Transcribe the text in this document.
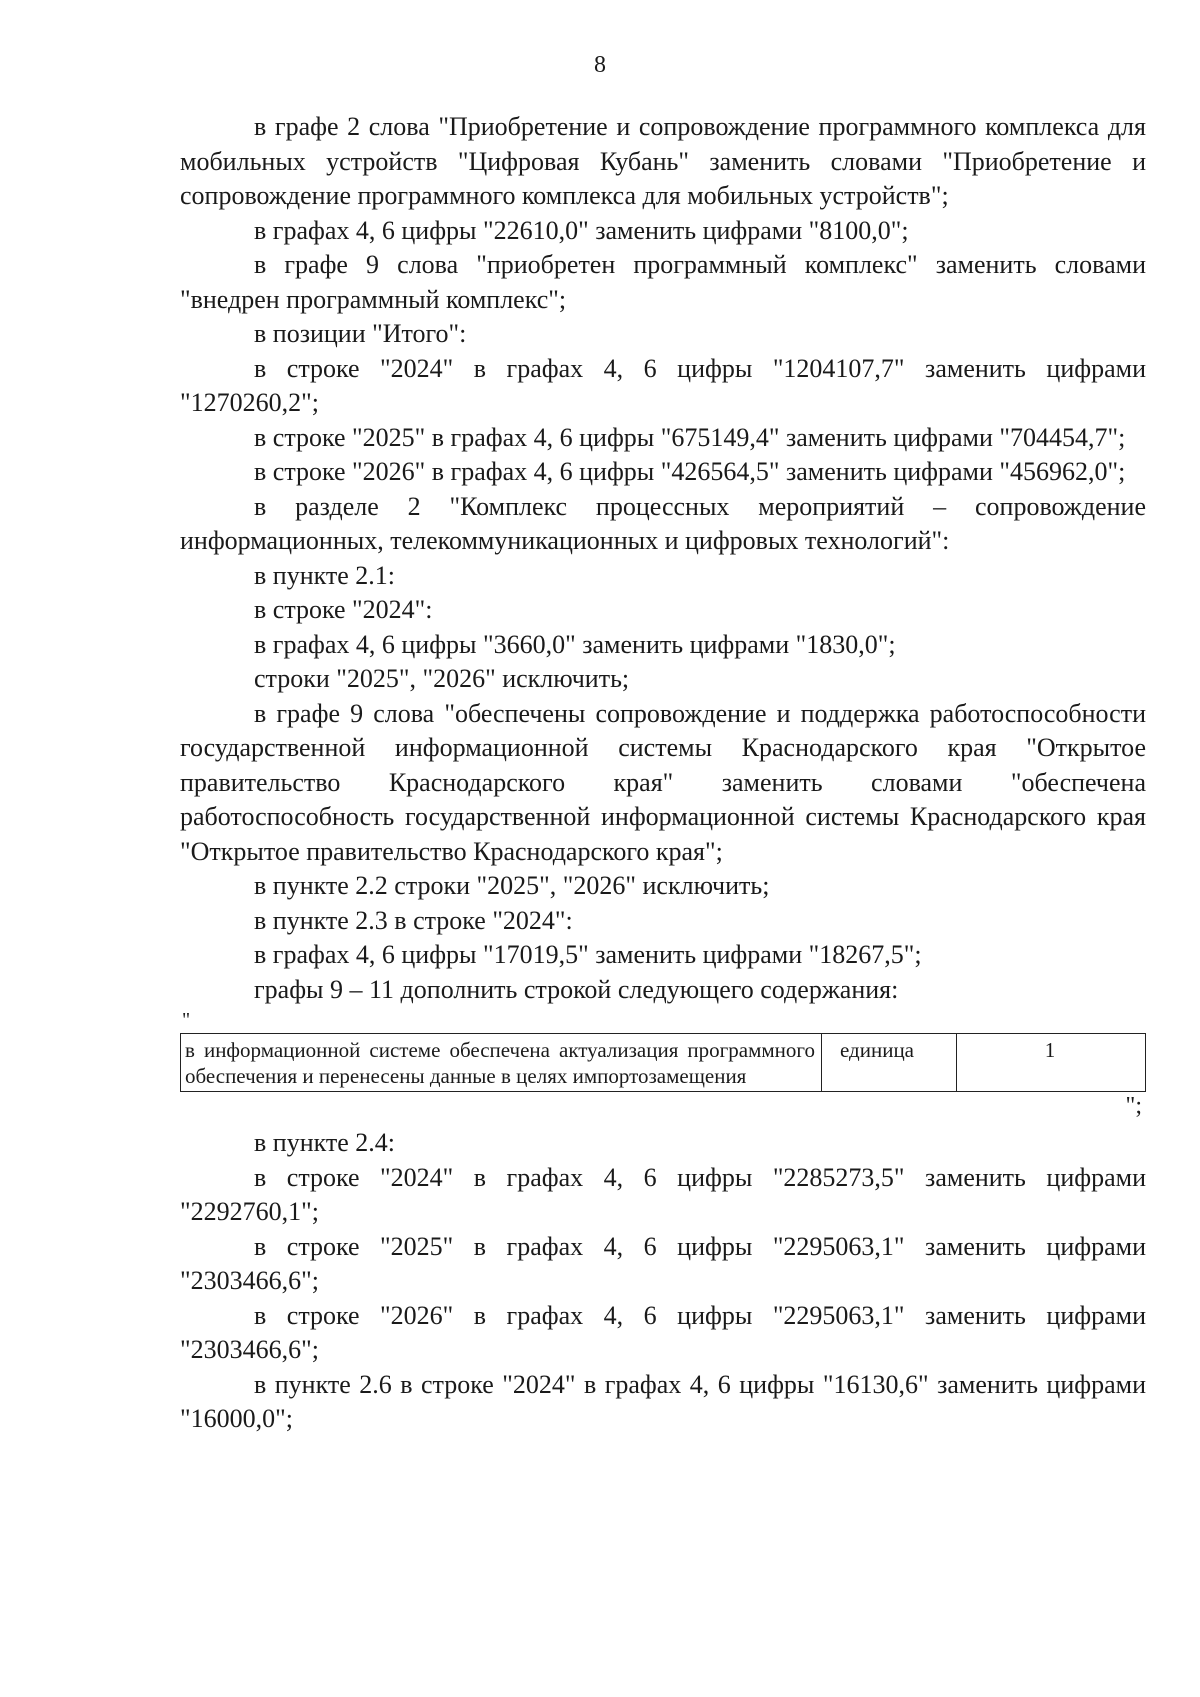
8

в графе 2 слова "Приобретение и сопровождение программного комплекса для мобильных устройств "Цифровая Кубань" заменить словами "Приобретение и сопровождение программного комплекса для мобильных устройств";

в графах 4, 6 цифры "22610,0" заменить цифрами "8100,0";

в графе 9 слова "приобретен программный комплекс" заменить словами "внедрен программный комплекс";

в позиции "Итого":

в строке "2024" в графах 4, 6 цифры "1204107,7" заменить цифрами "1270260,2";

в строке "2025" в графах 4, 6 цифры "675149,4" заменить цифрами "704454,7";

в строке "2026" в графах 4, 6 цифры "426564,5" заменить цифрами "456962,0";

в разделе 2 "Комплекс процессных мероприятий – сопровождение информационных, телекоммуникационных и цифровых технологий":

в пункте 2.1:

в строке "2024":

в графах 4, 6 цифры "3660,0" заменить цифрами "1830,0";

строки "2025", "2026" исключить;

в графе 9 слова "обеспечены сопровождение и поддержка работоспособности государственной информационной системы Краснодарского края "Открытое правительство Краснодарского края" заменить словами "обеспечена работоспособность государственной информационной системы Краснодарского края "Открытое правительство Краснодарского края";

в пункте 2.2 строки "2025", "2026" исключить;

в пункте 2.3 в строке "2024":

в графах 4, 6 цифры "17019,5" заменить цифрами "18267,5";

графы 9 – 11 дополнить строкой следующего содержания:

"
в информационной системе обеспечена актуализация программного обеспечения и перенесены данные в целях импортозамещения	единица	1
";

в пункте 2.4:

в строке "2024" в графах 4, 6 цифры "2285273,5" заменить цифрами "2292760,1";

в строке "2025" в графах 4, 6 цифры "2295063,1" заменить цифрами "2303466,6";

в строке "2026" в графах 4, 6 цифры "2295063,1" заменить цифрами "2303466,6";

в пункте 2.6 в строке "2024" в графах 4, 6 цифры "16130,6" заменить цифрами "16000,0";
